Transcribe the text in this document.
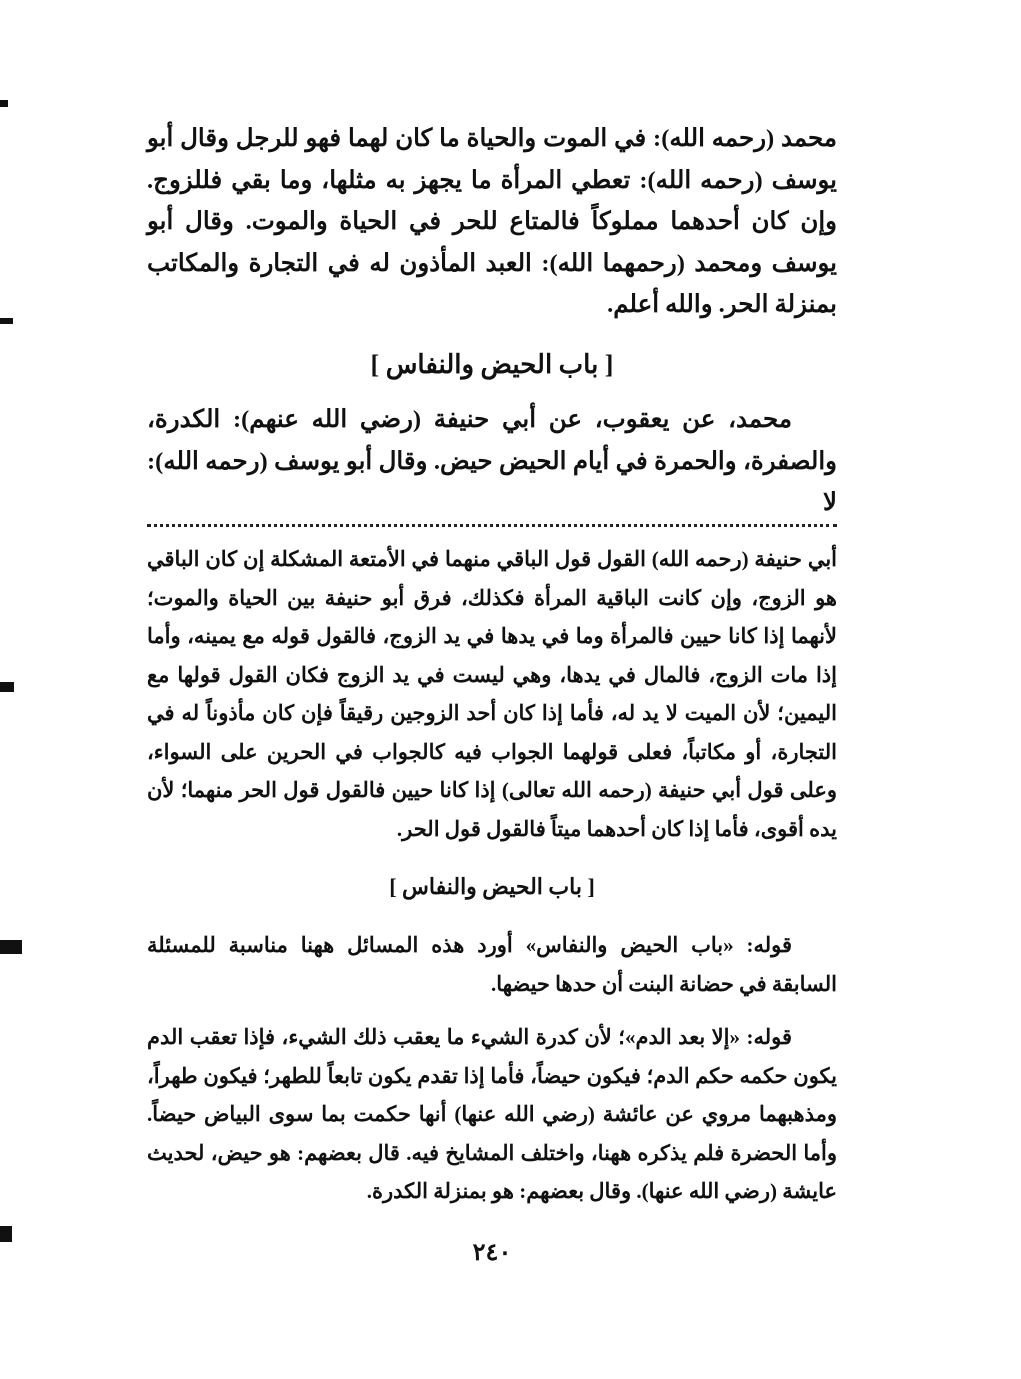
محمد (رحمه الله): في الموت والحياة ما كان لهما فهو للرجل وقال أبو يوسف (رحمه الله): تعطي المرأة ما يجهز به مثلها، وما بقي فللزوج. وإن كان أحدهما مملوكاً فالمتاع للحر في الحياة والموت. وقال أبو يوسف ومحمد (رحمهما الله): العبد المأذون له في التجارة والمكاتب بمنزلة الحر. والله أعلم.

[ باب الحيض والنفاس ]

محمد، عن يعقوب، عن أبي حنيفة (رضي الله عنهم): الكدرة، والصفرة، والحمرة في أيام الحيض حيض. وقال أبو يوسف (رحمه الله): لا

أبي حنيفة (رحمه الله) القول قول الباقي منهما في الأمتعة المشكلة إن كان الباقي هو الزوج، وإن كانت الباقية المرأة فكذلك، فرق أبو حنيفة بين الحياة والموت؛ لأنهما إذا كانا حيين فالمرأة وما في يدها في يد الزوج، فالقول قوله مع يمينه، وأما إذا مات الزوج، فالمال في يدها، وهي ليست في يد الزوج فكان القول قولها مع اليمين؛ لأن الميت لا يد له، فأما إذا كان أحد الزوجين رقيقاً فإن كان مأذوناً له في التجارة، أو مكاتباً، فعلى قولهما الجواب فيه كالجواب في الحرين على السواء، وعلى قول أبي حنيفة (رحمه الله تعالى) إذا كانا حيين فالقول قول الحر منهما؛ لأن يده أقوى، فأما إذا كان أحدهما ميتاً فالقول قول الحر.

[ باب الحيض والنفاس ]

قوله: «باب الحيض والنفاس» أورد هذه المسائل ههنا مناسبة للمسئلة السابقة في حضانة البنت أن حدها حيضها.

قوله: «إلا بعد الدم»؛ لأن كدرة الشيء ما يعقب ذلك الشيء، فإذا تعقب الدم يكون حكمه حكم الدم؛ فيكون حيضاً، فأما إذا تقدم يكون تابعاً للطهر؛ فيكون طهراً، ومذهبهما مروي عن عائشة (رضي الله عنها) أنها حكمت بما سوى البياض حيضاً. وأما الحضرة فلم يذكره ههنا، واختلف المشايخ فيه. قال بعضهم: هو حيض، لحديث عايشة (رضي الله عنها). وقال بعضهم: هو بمنزلة الكدرة.

٢٤٠
